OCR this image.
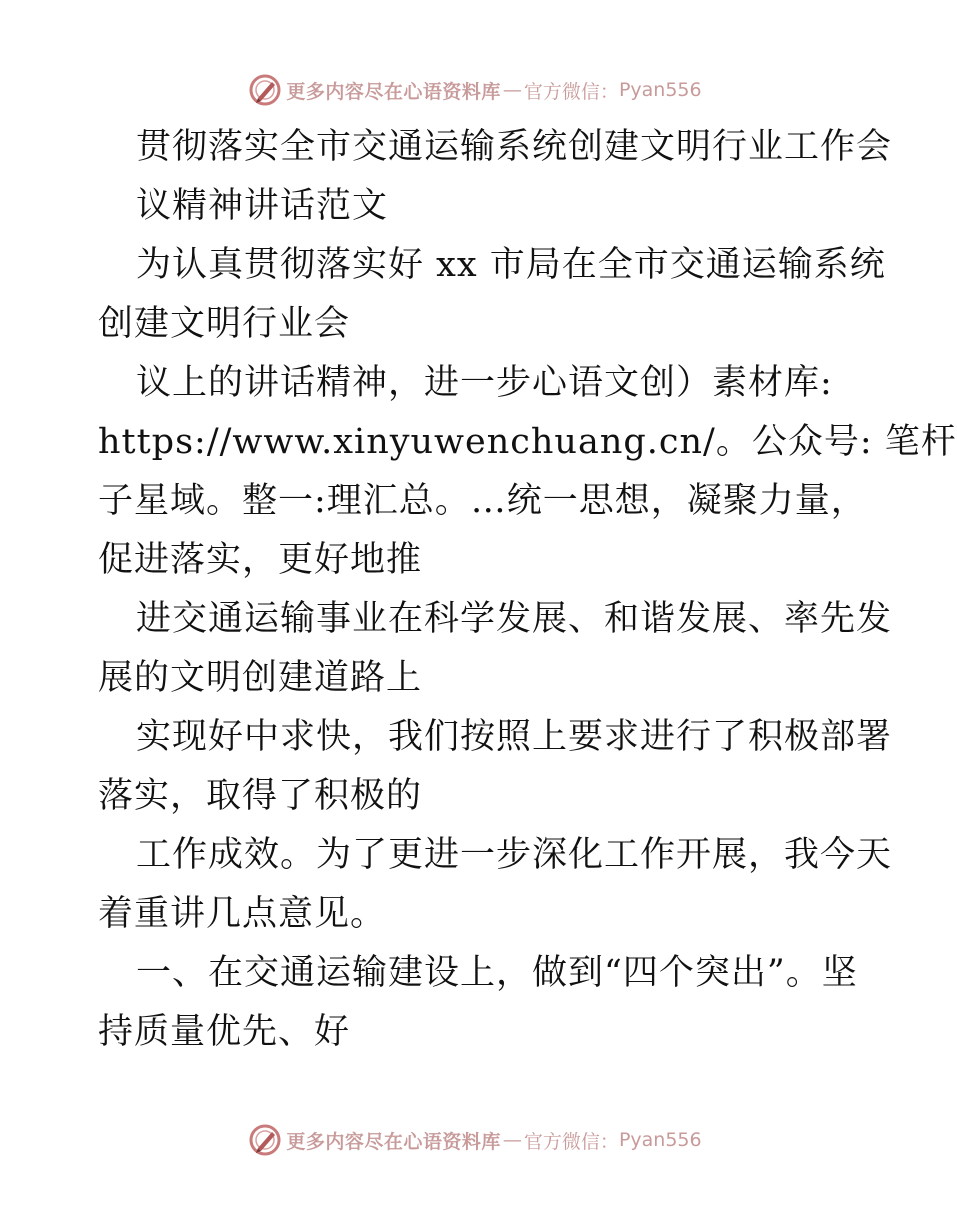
更多内容尽在心语资料库 — 官方微信： Pyan556
贯彻落实全市交通运输系统创建文明行业工作会
议精神讲话范文
为认真贯彻落实好 xx 市局在全市交通运输系统
创建文明行业会
议上的讲话精神，进一步心语文创）素材库:
https://www.xinyuwenchuang.cn/。公众号: 笔杆
子星域。整一:理汇总。…统一思想，凝聚力量，
促进落实，更好地推
进交通运输事业在科学发展、和谐发展、率先发
展的文明创建道路上
实现好中求快，我们按照上要求进行了积极部署
落实，取得了积极的
工作成效。为了更进一步深化工作开展，我今天
着重讲几点意见。
一、在交通运输建设上，做到“四个突出”。坚
持质量优先、好
更多内容尽在心语资料库 — 官方微信： Pyan556
